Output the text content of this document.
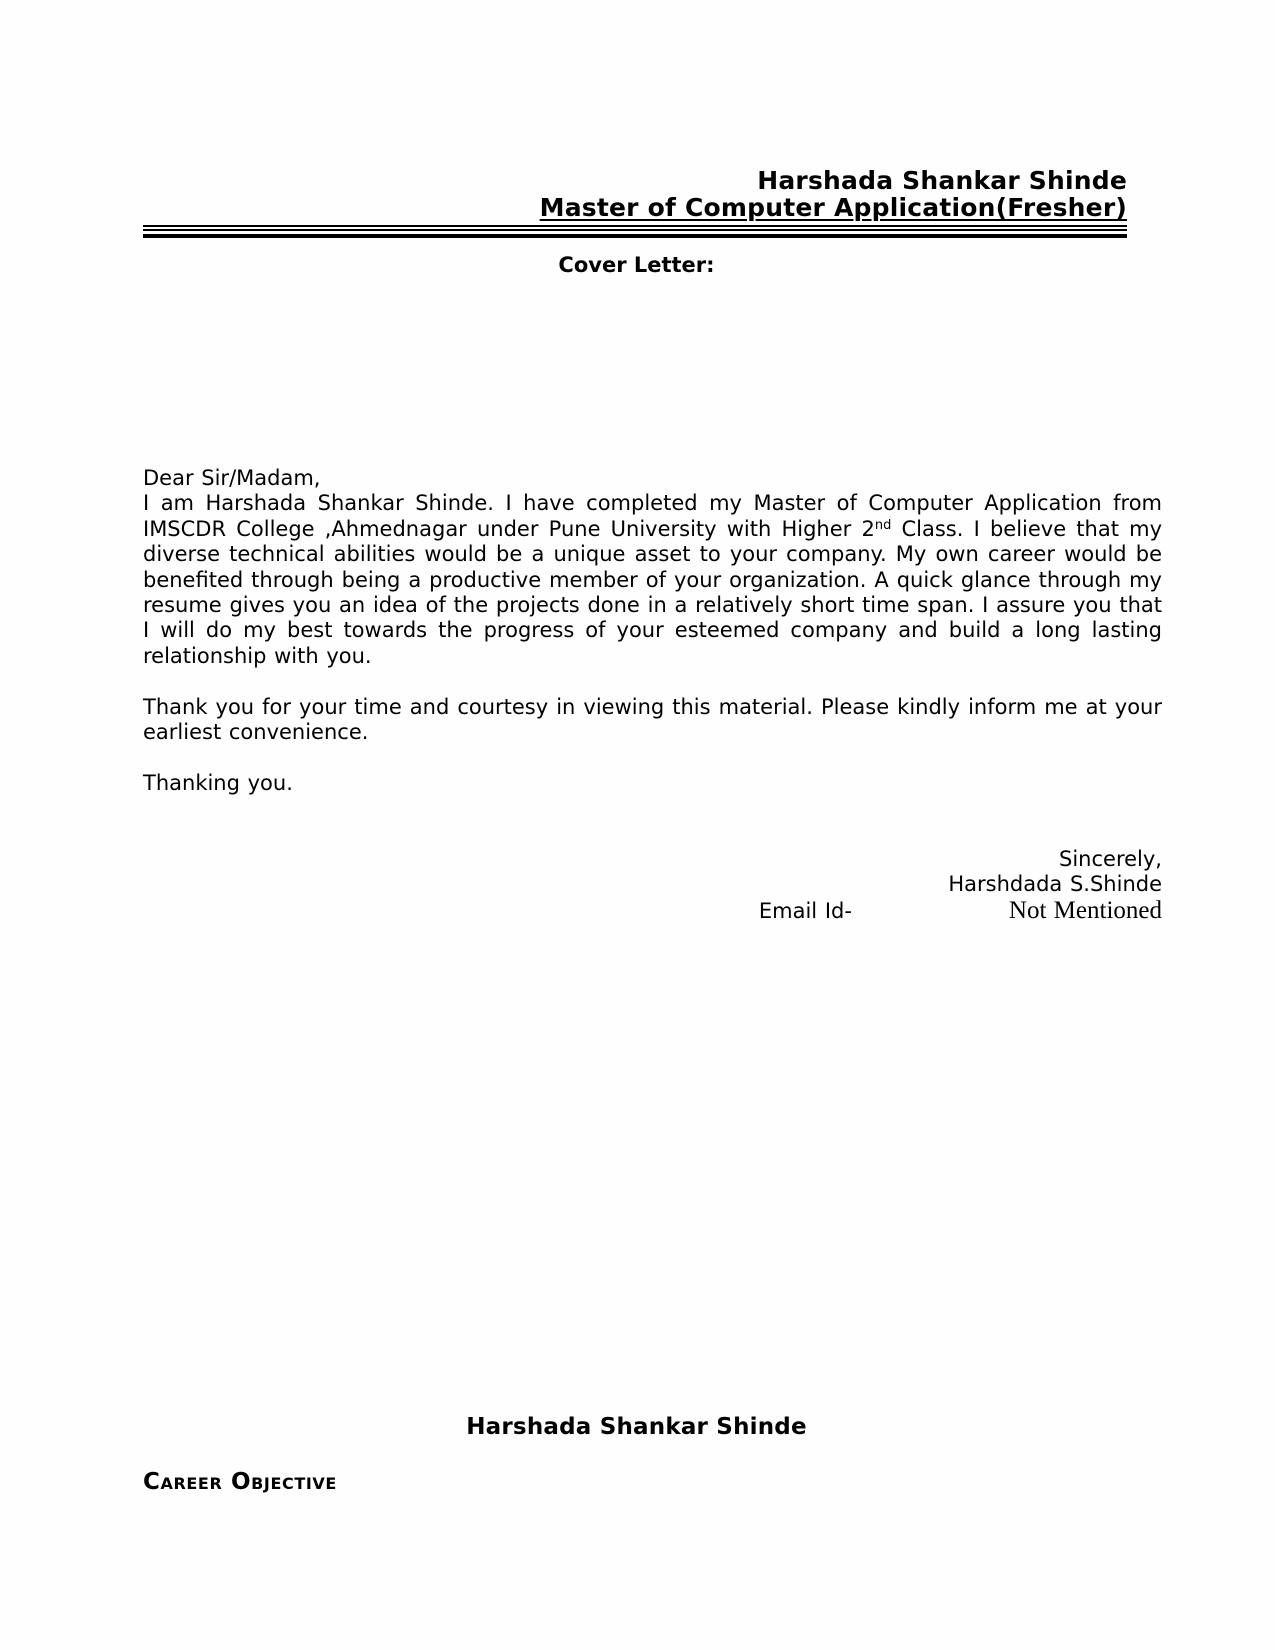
Harshada Shankar Shinde
Master of Computer Application(Fresher)
Cover Letter:
Dear Sir/Madam,

I am Harshada Shankar Shinde. I have completed my Master of Computer Application from IMSCDR College ,Ahmednagar under Pune University with Higher 2nd Class. I believe that my diverse technical abilities would be a unique asset to your company. My own career would be benefited through being a productive member of your organization. A quick glance through my resume gives you an idea of the projects done in a relatively short time span. I assure you that I will do my best towards the progress of your esteemed company and build a long lasting relationship with you.

Thank you for your time and courtesy in viewing this material. Please kindly inform me at your earliest convenience.

Thanking you.
Sincerely,
Harshdada S.Shinde
Email Id-	Not Mentioned
Harshada Shankar Shinde
Career Objective
